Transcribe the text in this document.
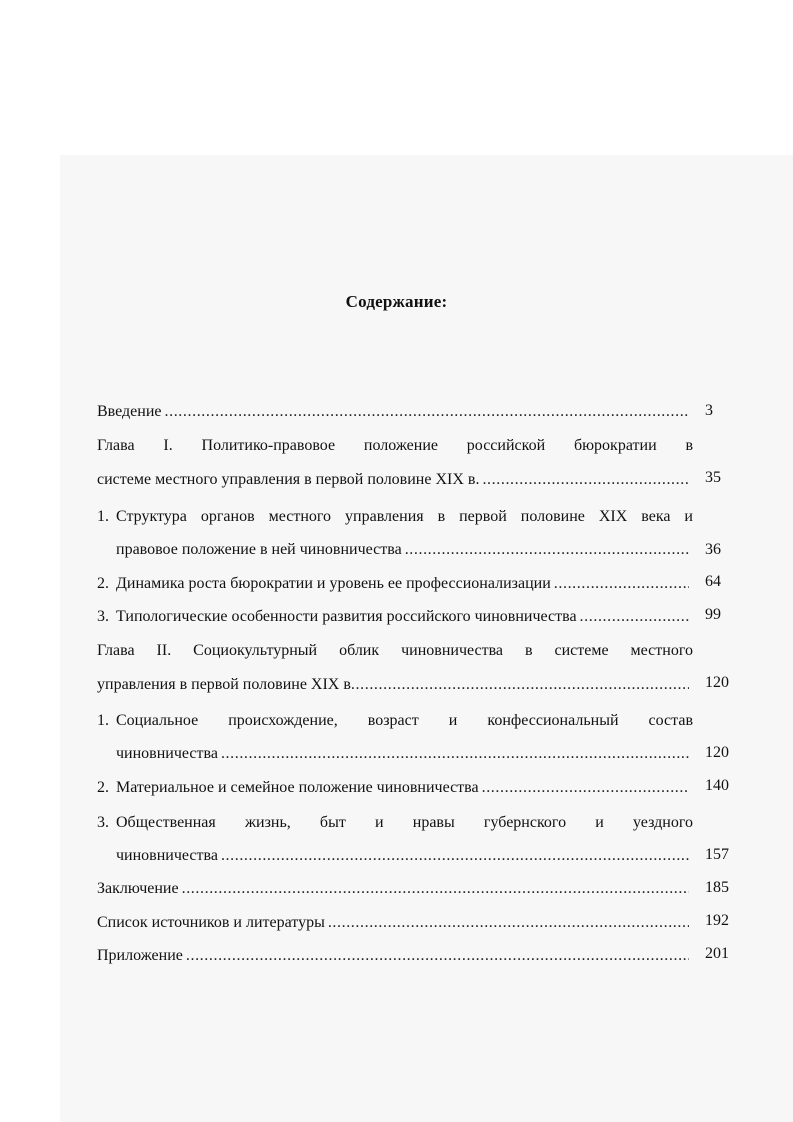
Содержание:
Введение .....	3
Глава I. Политико-правовое положение российской бюрократии в
системе местного управления в первой половине XIX в. .....	35
1. Структура органов местного управления в первой половине XIX века и
правовое положение в ней чиновничества .....	36
2. Динамика роста бюрократии и уровень ее профессионализации .....	64
3. Типологические особенности развития российского чиновничества .....	99
Глава II. Социокультурный облик чиновничества в системе местного
управления в первой половине XIX в .....	120
1. Социальное происхождение, возраст и конфессиональный состав
чиновничества .....	120
2. Материальное и семейное положение чиновничества .....	140
3. Общественная жизнь, быт и нравы губернского и уездного
чиновничества .....	157
Заключение .....	185
Список источников и литературы .....	192
Приложение .....	201
